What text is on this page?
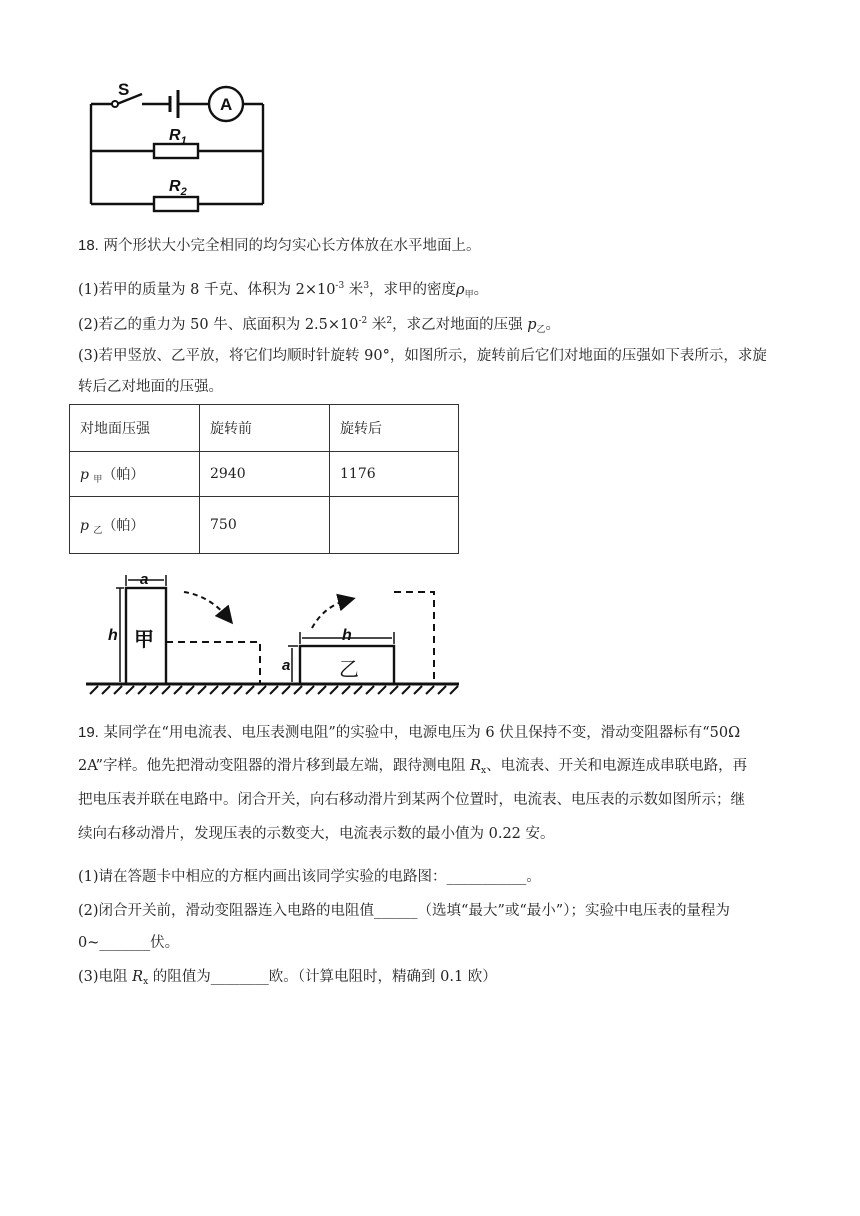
S
A
$R_1$
$R_2$
18. 两个形状大小完全相同的均匀实心长方体放在水平地面上。
(1)若甲的质量为 8 千克、体积为 $2\times 10^{-3}$ 米$^3$，求甲的密度$\rho_甲$。
(2)若乙的重力为 50 牛、底面积为 $2.5\times 10^{-2}$ 米$^2$，求乙对地面的压强 $p_乙$。
(3)若甲竖放、乙平放，将它们均顺时针旋转 90°，如图所示，旋转前后它们对地面的压强如下表所示，求旋
转后乙对地面的压强。
对地面压强	旋转前	旋转后
p $_甲$（帕）	2940	1176
p $_乙$（帕）	750	
a
h 甲	h
a 乙
19. 某同学在“用电流表、电压表测电阻”的实验中，电源电压为 6 伏且保持不变，滑动变阻器标有“50Ω
2A”字样。他先把滑动变阻器的滑片移到最左端，跟待测电阻 $R_x$、电流表、开关和电源连成串联电路，再
把电压表并联在电路中。闭合开关，向右移动滑片到某两个位置时，电流表、电压表的示数如图所示；继
续向右移动滑片，发现压表的示数变大，电流表示数的最小值为 0.22 安。
(1)请在答题卡中相应的方框内画出该同学实验的电路图：___________。
(2)闭合开关前，滑动变阻器连入电路的电阻值______（选填“最大”或“最小”）；实验中电压表的量程为
0~_______伏。
(3)电阻 $R_x$ 的阻值为________欧。（计算电阻时，精确到 0.1 欧）
